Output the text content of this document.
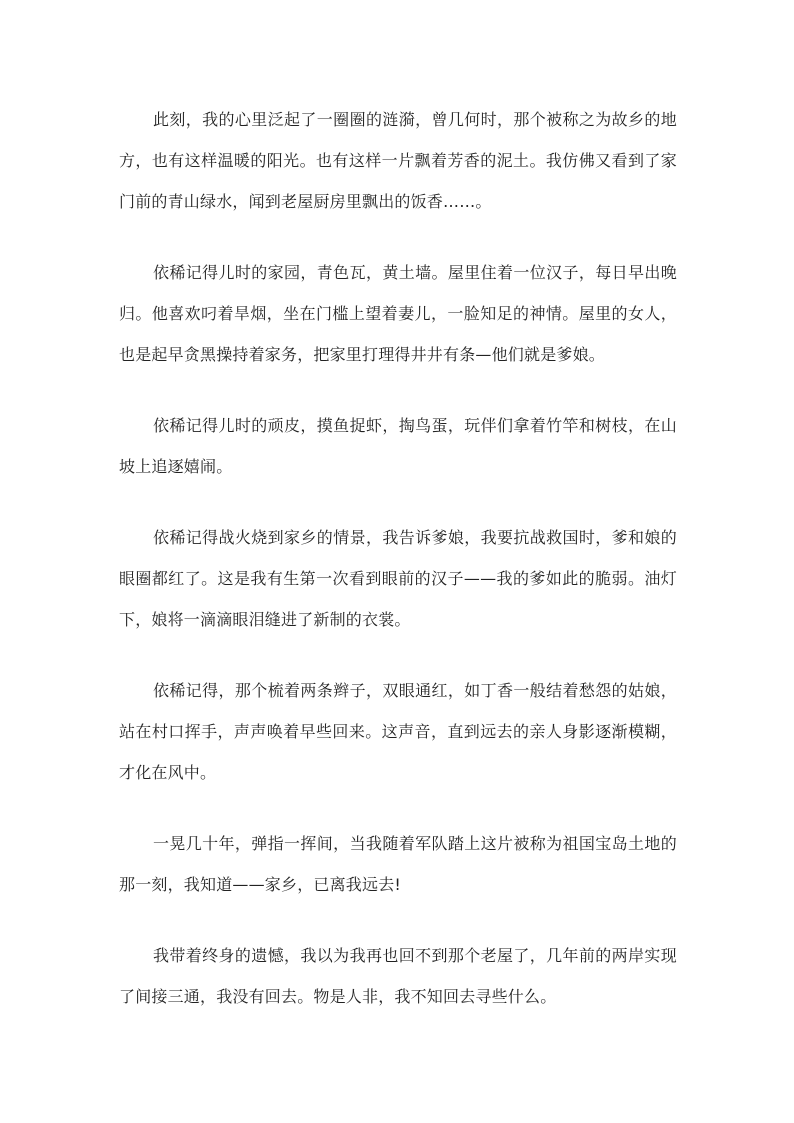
此刻，我的心里泛起了一圈圈的涟漪，曾几何时，那个被称之为故乡的地方，也有这样温暖的阳光。也有这样一片飘着芳香的泥土。我仿佛又看到了家门前的青山绿水，闻到老屋厨房里飘出的饭香……。

依稀记得儿时的家园，青色瓦，黄土墙。屋里住着一位汉子，每日早出晚归。他喜欢叼着旱烟，坐在门槛上望着妻儿，一脸知足的神情。屋里的女人，也是起早贪黑操持着家务，把家里打理得井井有条—他们就是爹娘。

依稀记得儿时的顽皮，摸鱼捉虾，掏鸟蛋，玩伴们拿着竹竿和树枝，在山坡上追逐嬉闹。

依稀记得战火烧到家乡的情景，我告诉爹娘，我要抗战救国时，爹和娘的眼圈都红了。这是我有生第一次看到眼前的汉子——我的爹如此的脆弱。油灯下，娘将一滴滴眼泪缝进了新制的衣裳。

依稀记得，那个梳着两条辫子，双眼通红，如丁香一般结着愁怨的姑娘，站在村口挥手，声声唤着早些回来。这声音，直到远去的亲人身影逐渐模糊，才化在风中。

一晃几十年，弹指一挥间，当我随着军队踏上这片被称为祖国宝岛土地的那一刻，我知道——家乡，已离我远去!

我带着终身的遗憾，我以为我再也回不到那个老屋了，几年前的两岸实现了间接三通，我没有回去。物是人非，我不知回去寻些什么。
